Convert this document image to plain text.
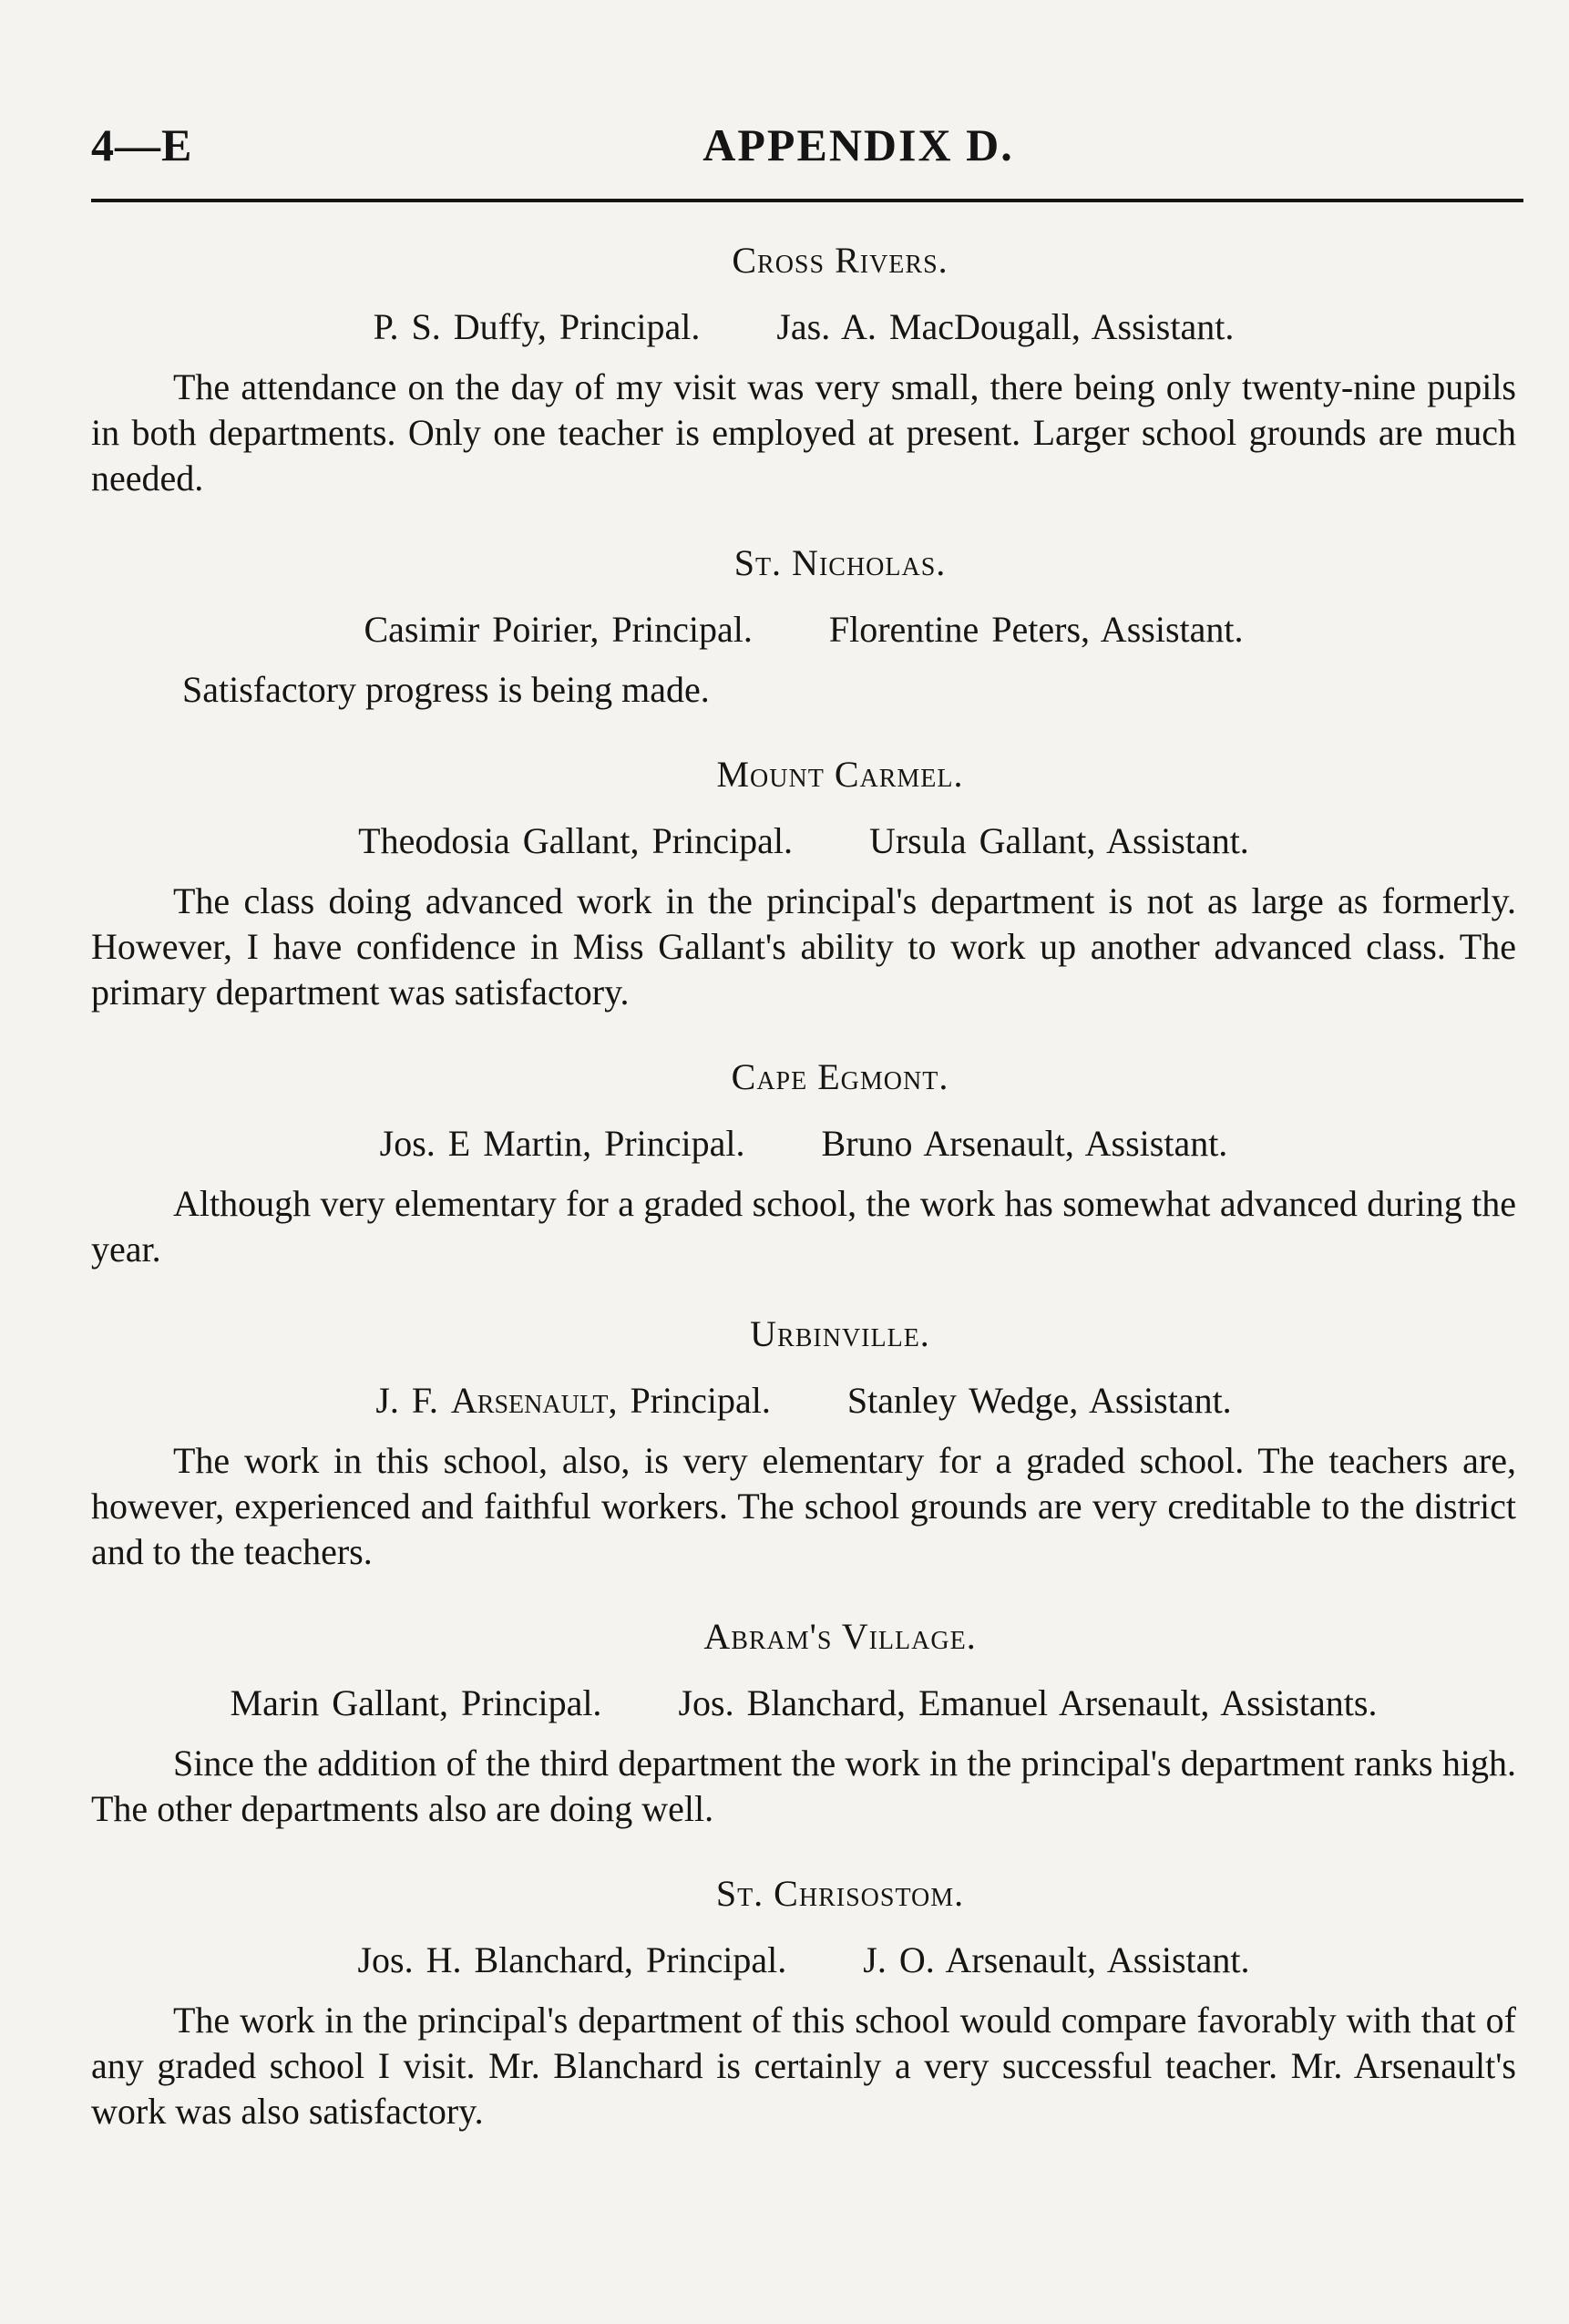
4—E	APPENDIX D.
Cross Rivers.
P. S. Duffy, Principal. Jas. A. MacDougall, Assistant.

The attendance on the day of my visit was very small, there being only twenty-nine pupils in both departments. Only one teacher is employed at present. Larger school grounds are much needed.

St. Nicholas.
Casimir Poirier, Principal. Florentine Peters, Assistant.

Satisfactory progress is being made.

Mount Carmel.
Theodosia Gallant, Principal. Ursula Gallant, Assistant.

The class doing advanced work in the principal's department is not as large as formerly. However, I have confidence in Miss Gallant's ability to work up another advanced class. The primary department was satisfactory.

Cape Egmont.
Jos. E Martin, Principal. Bruno Arsenault, Assistant.

Although very elementary for a graded school, the work has somewhat advanced during the year.

Urbinville.
J. F. Arsenault, Principal. Stanley Wedge, Assistant.

The work in this school, also, is very elementary for a graded school. The teachers are, however, experienced and faithful workers. The school grounds are very creditable to the district and to the teachers.

Abram's Village.
Marin Gallant, Principal. Jos. Blanchard, Emanuel Arsenault, Assistants.

Since the addition of the third department the work in the principal's department ranks high. The other departments also are doing well.

St. Chrisostom.
Jos. H. Blanchard, Principal. J. O. Arsenault, Assistant.

The work in the principal's department of this school would compare favorably with that of any graded school I visit. Mr. Blanchard is certainly a very successful teacher. Mr. Arsenault's work was also satisfactory.
